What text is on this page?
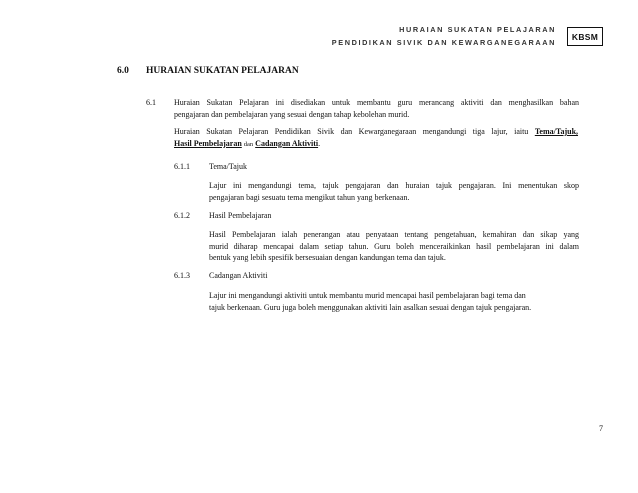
HURAIAN SUKATAN PELAJARAN
PENDIDIKAN SIVIK DAN KEWARGANEGARAAN
KBSM
6.0 HURAIAN SUKATAN PELAJARAN
6.1 Huraian Sukatan Pelajaran ini disediakan untuk membantu guru merancang aktiviti dan menghasilkan bahan
pengajaran dan pembelajaran yang sesuai dengan tahap kebolehan murid.
Huraian Sukatan Pelajaran Pendidikan Sivik dan Kewarganegaraan mengandungi tiga lajur, iaitu Tema/Tajuk,
Hasil Pembelajaran dan Cadangan Aktiviti.
6.1.1 Tema/Tajuk
Lajur ini mengandungi tema, tajuk pengajaran dan huraian tajuk pengajaran. Ini menentukan skop
pengajaran bagi sesuatu tema mengikut tahun yang berkenaan.
6.1.2 Hasil Pembelajaran
Hasil Pembelajaran ialah penerangan atau penyataan tentang pengetahuan, kemahiran dan sikap yang
murid diharap mencapai dalam setiap tahun. Guru boleh menceraikinkan hasil pembelajaran ini dalam
bentuk yang lebih spesifik bersesuaian dengan kandungan tema dan tajuk.
6.1.3 Cadangan Aktiviti
Lajur ini mengandungi aktiviti untuk membantu murid mencapai hasil pembelajaran bagi tema dan
tajuk berkenaan. Guru juga boleh menggunakan aktiviti lain asalkan sesuai dengan tajuk pengajaran.
7
